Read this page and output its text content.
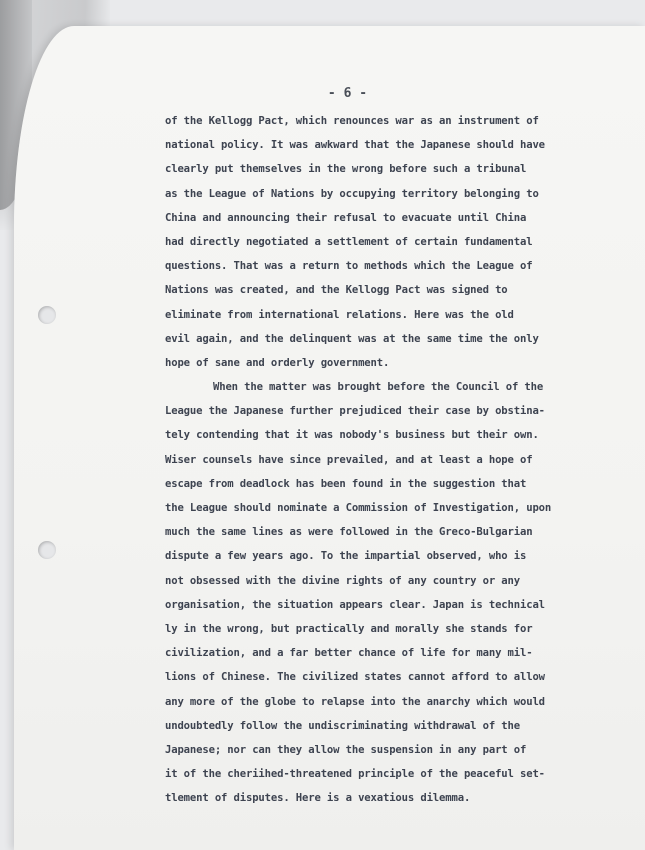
- 6 -
of the Kellogg Pact, which renounces war as an instrument of
national policy. It was awkward that the Japanese should have
clearly put themselves in the wrong before such a tribunal
as the League of Nations by occupying territory belonging to
China and announcing their refusal to evacuate until China
had directly negotiated a settlement of certain fundamental
questions. That was a return to methods which the League of
Nations was created, and the Kellogg Pact was signed to
eliminate from international relations. Here was the old
evil again, and the delinquent was at the same time the only
hope of sane and orderly government.
When the matter was brought before the Council of the
League the Japanese further prejudiced their case by obstina-
tely contending that it was nobody's business but their own.
Wiser counsels have since prevailed, and at least a hope of
escape from deadlock has been found in the suggestion that
the League should nominate a Commission of Investigation, upon
much the same lines as were followed in the Greco-Bulgarian
dispute a few years ago. To the impartial observed, who is
not obsessed with the divine rights of any country or any
organisation, the situation appears clear. Japan is technical
ly in the wrong, but practically and morally she stands for
civilization, and a far better chance of life for many mil-
lions of Chinese. The civilized states cannot afford to allow
any more of the globe to relapse into the anarchy which would
undoubtedly follow the undiscriminating withdrawal of the
Japanese; nor can they allow the suspension in any part of
it of the cheriihed-threatened principle of the peaceful set-
tlement of disputes. Here is a vexatious dilemma.
